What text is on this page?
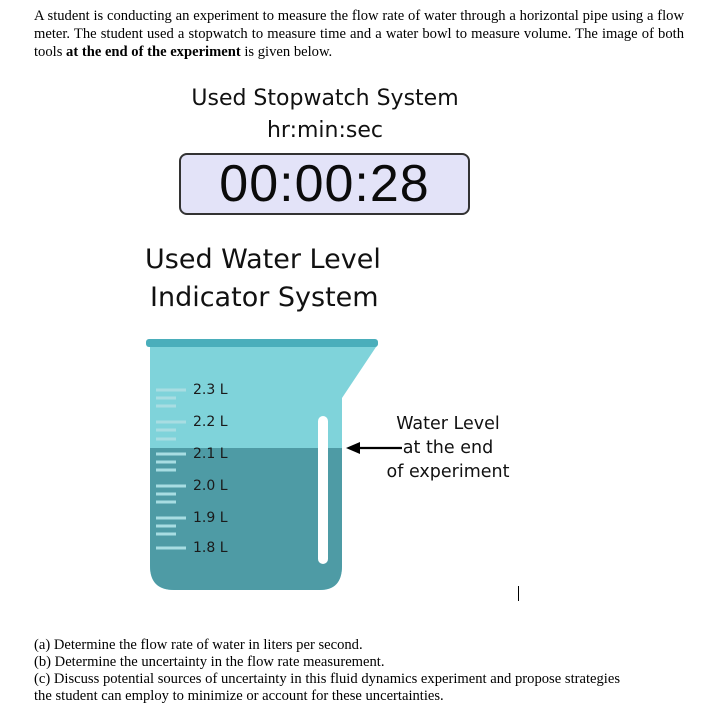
A student is conducting an experiment to measure the flow rate of water through a horizontal pipe using a flow meter. The student used a stopwatch to measure time and a water bowl to measure volume. The image of both tools at the end of the experiment is given below.
Used Stopwatch System
hr:min:sec
00:00:28
Used Water Level
Indicator System
2.3 L
2.2 L
2.1 L
2.0 L
1.9 L
1.8 L
Water Level
at the end
of experiment

(a) Determine the flow rate of water in liters per second.

(b) Determine the uncertainty in the flow rate measurement.

(c) Discuss potential sources of uncertainty in this fluid dynamics experiment and propose strategies the student can employ to minimize or account for these uncertainties.
